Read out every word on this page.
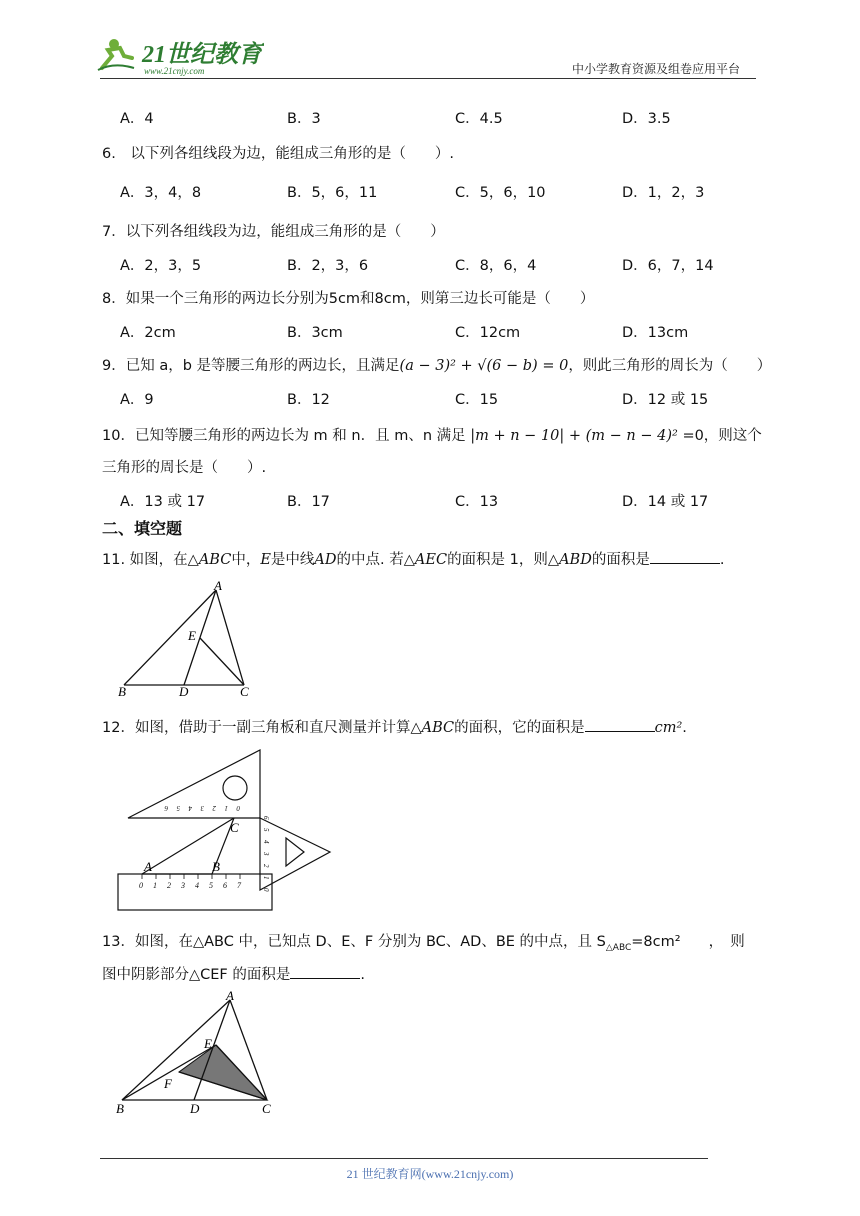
21世纪教育
www.21cnjy.com	中小学教育资源及组卷应用平台
A．4	B．3	C．4.5	D．3.5
6.　以下列各组线段为边，能组成三角形的是（　　）.
A．3，4，8	B．5，6，11	C．5，6，10	D．1，2，3
7．以下列各组线段为边，能组成三角形的是（　　）
A．2，3，5	B．2，3，6	C．8，6，4	D．6，7，14
8．如果一个三角形的两边长分别为5cm和8cm，则第三边长可能是（　　）
A．2cm	B．3cm	C．12cm	D．13cm
9．已知 a，b 是等腰三角形的两边长，且满足(a − 3)² + √(6 − b) = 0，则此三角形的周长为（　　）
A．9	B．12	C．15	D．12 或 15
10．已知等腰三角形的两边长为 m 和 n．且 m、n 满足 |m + n − 10| + (m − n − 4)² =0，则这个
三角形的周长是（　　）.
A．13 或 17	B．17	C．13	D．14 或 17
二、填空题
11. 如图，在△ABC中，E是中线AD的中点. 若△AEC的面积是 1，则△ABD的面积是	.
A
E
B	D	C
12．如图，借助于一副三角板和直尺测量并计算△ABC的面积，它的面积是	cm².
6 5 4 3 2 1 0
0
1
2
3
4
5
6
0 1 2 3 4 5 6 7
C
A	B
13．如图，在△ABC 中，已知点 D、E、F 分别为 BC、AD、BE 的中点，且 $S_{\triangle ABC}=8cm^2$ ，　则
图中阴影部分△CEF 的面积是	.
A
E
F
B	D	C
21 世纪教育网(www.21cnjy.com)
